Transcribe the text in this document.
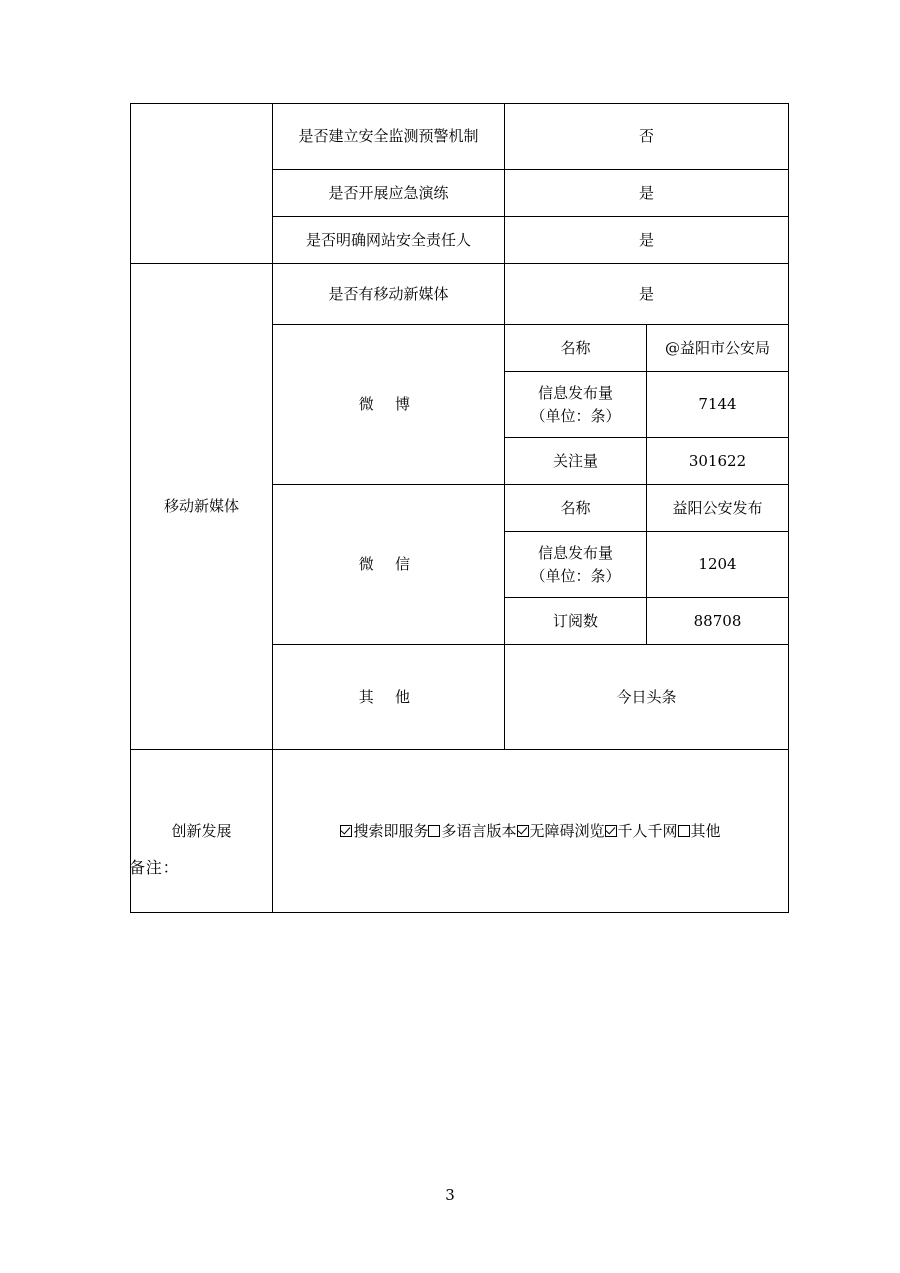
	是否建立安全监测预警机制	否	
	是否开展应急演练	是	
	是否明确网站安全责任人	是	
移动新媒体	是否有移动新媒体	是	
	微 博	名称	@益阳市公安局

		信息发布量
（单位：条）	7144
		关注量	301622
	微 信	名称	益阳公安发布

		信息发布量
（单位：条）	1204
		订阅数	88708
	其 他	今日头条	
创新发展	搜索即服务 多语言版本 无障碍浏览 千人千网 其他		
备注：
3
